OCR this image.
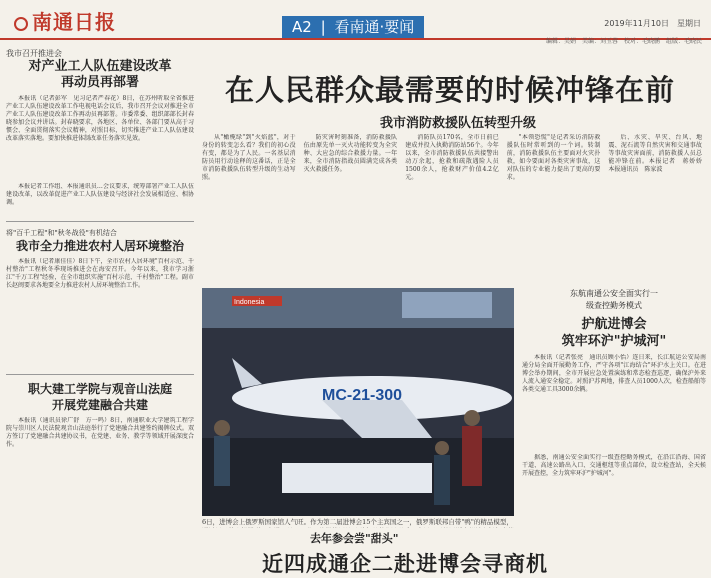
南通日报	A2 | 看南通·要闻	2019年11月10日　星期日
编辑：吴娟　美编：刘玉蓉　校对：毛晓鹏　组版：毛晓民
我市召开推进会
对产业工人队伍建设改革
再动员再部署

本报讯（记者彭军　见习记者严春花）8日，在苏州听取全省推进产业工人队伍建设改革工作电视电话会议后，我市召开会议对推进全市产业工人队伍建设改革工作再动员再部署。市委常委、组织部部长封春晓参加会议并讲话。封春晓要求，各地区、各单位、各部门要从高于习惯会、全面贯彻落实会议精神，对照目标，切实推进产业工人队伍建设改革落实落地。要加快推进体制改革任务落实见效。

本报记者工作组、本报通讯员…会议要求，统筹部署产业工人队伍建设改革，以改革促进产业工人队伍建设与经济社会发展相适应、相协调。

将"百千工程"和"秋冬战役"有机结合
我市全力推进农村人居环境整治

本报讯（记者康佳佳）8日下午，全市农村人居环境"百村示范、千村整治"工程秋冬季现场推进会在海安召开。今年以来，我市学习浙江"千万工程"经验，在全市组织实施"百村示范、千村整治"工程。副市长赵闽要求各地要全力推进农村人居环境整治工作。

职大建工学院与观音山法庭
开展党建融合共建

本报讯（通讯员徐广舒　方一鸣）8日，南通职业大学建筑工程学院与崇川区人民法院观音山法庭举行了党建融合共建签约揭牌仪式。双方签订了党建融合共建协议书，在党建、业务、教学等领域开展深度合作。

在人民群众最需要的时候冲锋在前
我市消防救援队伍转型升级

从"橄榄绿"到"火焰蓝"，对于身份的转变怎么看？我们的初心没有变，都是为了人民。一名基层消防员用行动诠释的这番话，正是全市消防救援队伍转型升级的生动写照。

防灾害时刻准备，消防救援队伍由原先单一灭火功能转变为全灾种、大应急的综合救援力量。一年来，全市消防指战员圆满完成各类灭火救援任务。

消防队员170名，全市日前已建成并投入执勤消防站56个。今年以来，全市消防救援队伍共接警出动万余起，抢救和疏散遇险人员1500余人，抢救财产价值4.2亿元。

"本领恐慌"是记者采访消防救援队伍时常听到的一个词。转制前，消防救援队伍主要面对火灾扑救，如今要面对各类灾害事故，这对队伍的专业能力提出了更高的要求。

后、水灾、旱灾、台风、地震、泥石流等自然灾害和交通事故等事故灾害面前，消防救援人员总能冲锋在前。本报记者　蒋娇娇　本报通讯员　陈家波

Indonesia
MC-21-300
6日，进博会上俄罗斯国家馆人气旺。作为第二届进博会15个主宾国之一，俄罗斯联邦自带"鸭"的精品模型，　　　
东航南通公安全面实行一
级查控勤务模式
护航进博会
筑牢环沪"护城河"

本报讯（记者张亮　通讯员顾小怡）连日来，长江航运公安局南通分局全面开展勤务工作，严守各项"江海结合"环沪水上关口。在进博会举办期间，全市开展应急处置演练和常态检查巡逻，确保沪外来人流入通安全稳定。对照沪苏两地，排查人员1000人次，检查船舶等各类交通工具3000余辆。

据悉，南通公安全面实行一级查控勤务模式，在沿江沿海、国省干道、高速公路出入口、交通枢纽等重点部位，设立检查站，全天候开展查控，全力筑牢环沪"护城河"。

去年参会尝"甜头"
近四成通企二赴进博会寻商机
